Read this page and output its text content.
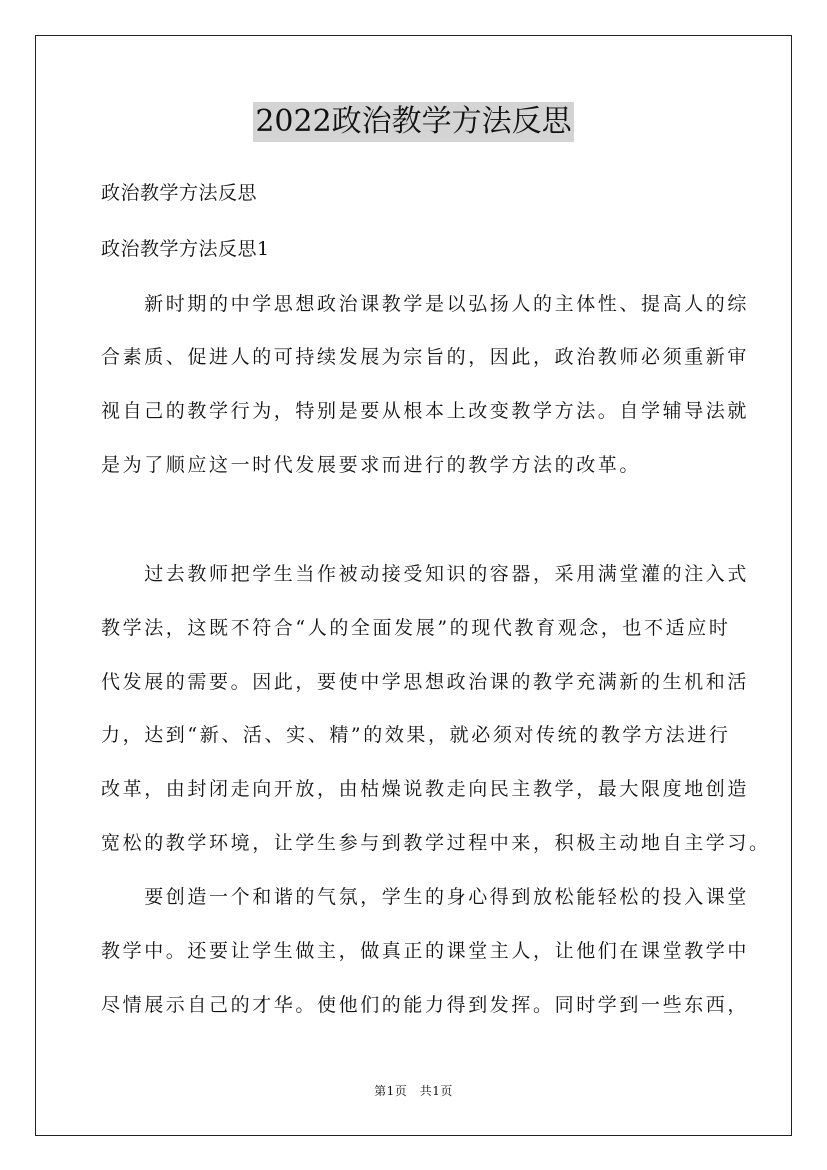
2022政治教学方法反思
政治教学方法反思
政治教学方法反思1
　　新时期的中学思想政治课教学是以弘扬人的主体性、提高人的综
合素质、促进人的可持续发展为宗旨的，因此，政治教师必须重新审
视自己的教学行为，特别是要从根本上改变教学方法。自学辅导法就
是为了顺应这一时代发展要求而进行的教学方法的改革。
　　过去教师把学生当作被动接受知识的容器，采用满堂灌的注入式
教学法，这既不符合“人的全面发展”的现代教育观念，也不适应时
代发展的需要。因此，要使中学思想政治课的教学充满新的生机和活
力，达到“新、活、实、精”的效果，就必须对传统的教学方法进行
改革，由封闭走向开放，由枯燥说教走向民主教学，最大限度地创造
宽松的教学环境，让学生参与到教学过程中来，积极主动地自主学习。
　　要创造一个和谐的气氛，学生的身心得到放松能轻松的投入课堂
教学中。还要让学生做主，做真正的课堂主人，让他们在课堂教学中
尽情展示自己的才华。使他们的能力得到发挥。同时学到一些东西，
第1页　共1页
